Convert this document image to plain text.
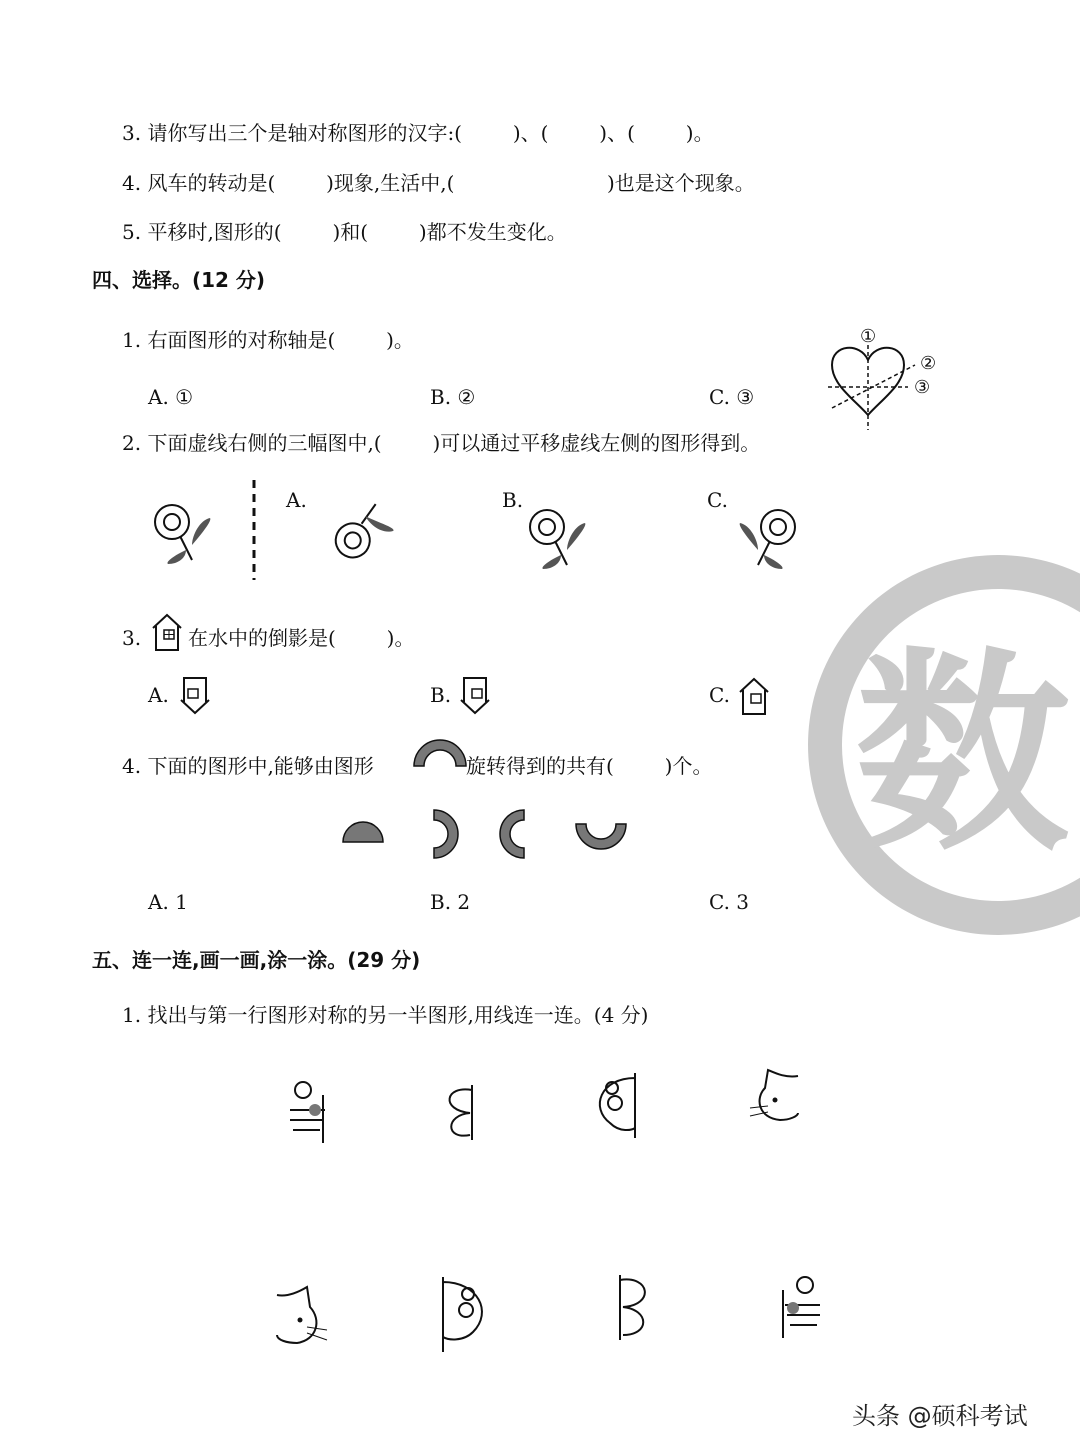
数
3. 请你写出三个是轴对称图形的汉字:(        )、(        )、(        )。
4. 风车的转动是(        )现象,生活中,(                        )也是这个现象。
5. 平移时,图形的(        )和(        )都不发生变化。
四、选择。(12 分)
1. 右面图形的对称轴是(        )。
A. ①	B. ②	C. ③
①
②
③
2. 下面虚线右侧的三幅图中,(        )可以通过平移虚线左侧的图形得到。
A.	B.	C.
3. 在水中的倒影是(        )。
A.	B.	C.
4. 下面的图形中,能够由图形	旋转得到的共有(        )个。
A. 1	B. 2	C. 3
五、连一连,画一画,涂一涂。(29 分)
1. 找出与第一行图形对称的另一半图形,用线连一连。(4 分)
头条 @硕科考试
